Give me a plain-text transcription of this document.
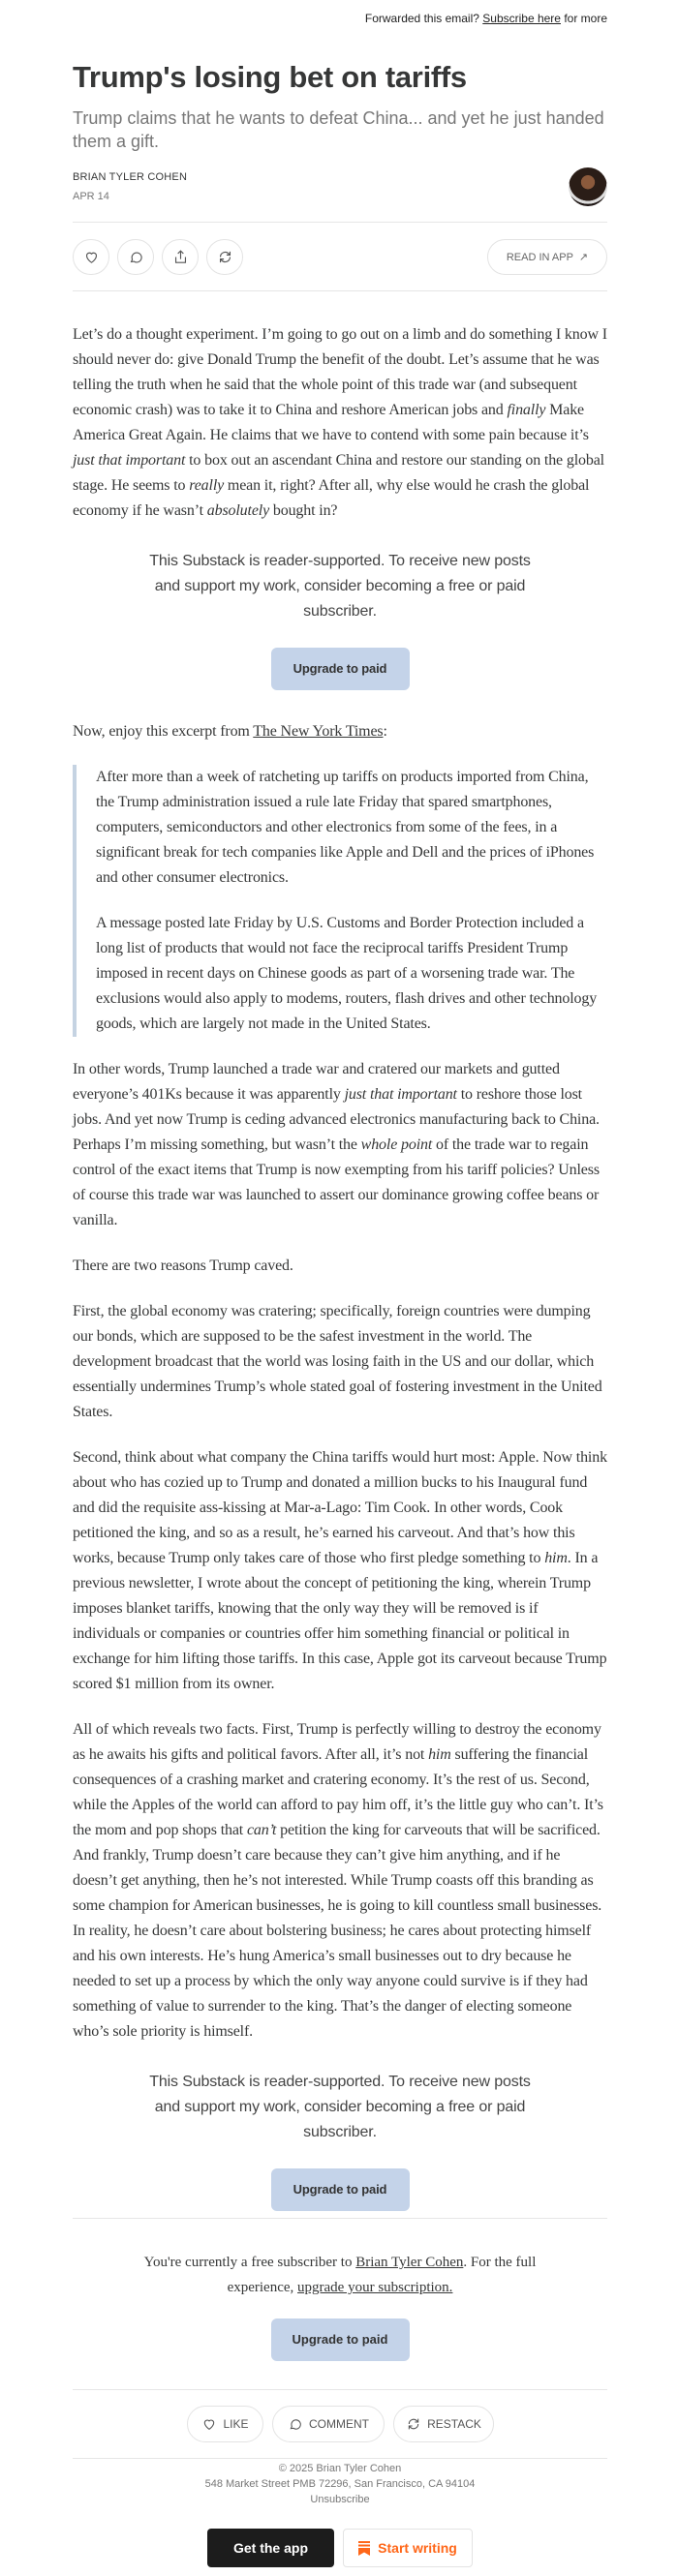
Forwarded this email? Subscribe here for more
Trump's losing bet on tariffs
Trump claims that he wants to defeat China... and yet he just handed them a gift.
BRIAN TYLER COHEN
APR 14
READ IN APP ↗

Let’s do a thought experiment. I’m going to go out on a limb and do something I know I should never do: give Donald Trump the benefit of the doubt. Let’s assume that he was telling the truth when he said that the whole point of this trade war (and subsequent economic crash) was to take it to China and reshore American jobs and finally Make America Great Again. He claims that we have to contend with some pain because it’s just that important to box out an ascendant China and restore our standing on the global stage. He seems to really mean it, right? After all, why else would he crash the global economy if he wasn’t absolutely bought in?

This Substack is reader-supported. To receive new posts and support my work, consider becoming a free or paid subscriber.
Upgrade to paid

Now, enjoy this excerpt from The New York Times:

After more than a week of ratcheting up tariffs on products imported from China, the Trump administration issued a rule late Friday that spared smartphones, computers, semiconductors and other electronics from some of the fees, in a significant break for tech companies like Apple and Dell and the prices of iPhones and other consumer electronics.

A message posted late Friday by U.S. Customs and Border Protection included a long list of products that would not face the reciprocal tariffs President Trump imposed in recent days on Chinese goods as part of a worsening trade war. The exclusions would also apply to modems, routers, flash drives and other technology goods, which are largely not made in the United States.

In other words, Trump launched a trade war and cratered our markets and gutted everyone’s 401Ks because it was apparently just that important to reshore those lost jobs. And yet now Trump is ceding advanced electronics manufacturing back to China. Perhaps I’m missing something, but wasn’t the whole point of the trade war to regain control of the exact items that Trump is now exempting from his tariff policies? Unless of course this trade war was launched to assert our dominance growing coffee beans or vanilla.

There are two reasons Trump caved.

First, the global economy was cratering; specifically, foreign countries were dumping our bonds, which are supposed to be the safest investment in the world. The development broadcast that the world was losing faith in the US and our dollar, which essentially undermines Trump’s whole stated goal of fostering investment in the United States.

Second, think about what company the China tariffs would hurt most: Apple. Now think about who has cozied up to Trump and donated a million bucks to his Inaugural fund and did the requisite ass-kissing at Mar-a-Lago: Tim Cook. In other words, Cook petitioned the king, and so as a result, he’s earned his carveout. And that’s how this works, because Trump only takes care of those who first pledge something to him. In a previous newsletter, I wrote about the concept of petitioning the king, wherein Trump imposes blanket tariffs, knowing that the only way they will be removed is if individuals or companies or countries offer him something financial or political in exchange for him lifting those tariffs. In this case, Apple got its carveout because Trump scored $1 million from its owner.

All of which reveals two facts. First, Trump is perfectly willing to destroy the economy as he awaits his gifts and political favors. After all, it’s not him suffering the financial consequences of a crashing market and cratering economy. It’s the rest of us. Second, while the Apples of the world can afford to pay him off, it’s the little guy who can’t. It’s the mom and pop shops that can’t petition the king for carveouts that will be sacrificed. And frankly, Trump doesn’t care because they can’t give him anything, and if he doesn’t get anything, then he’s not interested. While Trump coasts off this branding as some champion for American businesses, he is going to kill countless small businesses. In reality, he doesn’t care about bolstering business; he cares about protecting himself and his own interests. He’s hung America’s small businesses out to dry because he needed to set up a process by which the only way anyone could survive is if they had something of value to surrender to the king. That’s the danger of electing someone who’s sole priority is himself.

This Substack is reader-supported. To receive new posts and support my work, consider becoming a free or paid subscriber.
Upgrade to paid
You're currently a free subscriber to Brian Tyler Cohen. For the full experience, upgrade your subscription.
Upgrade to paid
LIKE	COMMENT	RESTACK
© 2025 Brian Tyler Cohen
548 Market Street PMB 72296, San Francisco, CA 94104
Unsubscribe
Get the app	Start writing
